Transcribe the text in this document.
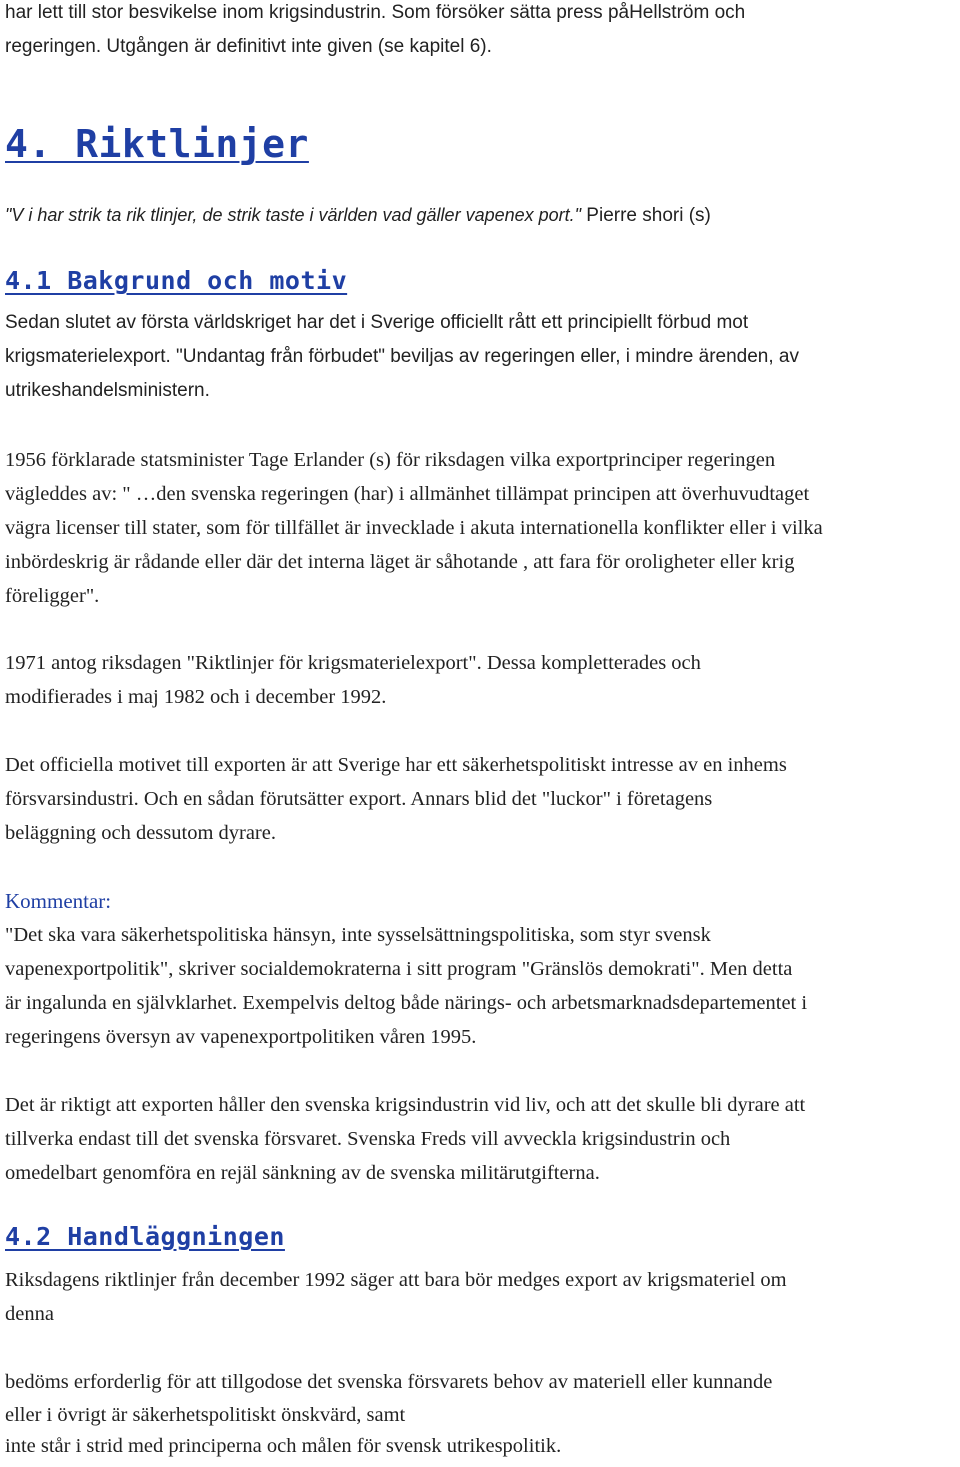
har lett till stor besvikelse inom krigsindustrin. Som försöker sätta press påHellström och
regeringen. Utgången är definitivt inte given (se kapitel 6).
4. Riktlinjer
"V i har strik ta rik tlinjer, de strik taste i världen vad gäller vapenex port." Pierre shori (s)
4.1 Bakgrund och motiv
Sedan slutet av första världskriget har det i Sverige officiellt rått ett principiellt förbud mot
krigsmaterielexport. "Undantag från förbudet" beviljas av regeringen eller, i mindre ärenden, av
utrikeshandelsministern.
1956 förklarade statsminister Tage Erlander (s) för riksdagen vilka exportprinciper regeringen
vägleddes av: " …den svenska regeringen (har) i allmänhet tillämpat principen att överhuvudtaget
vägra licenser till stater, som för tillfället är invecklade i akuta internationella konflikter eller i vilka
inbördeskrig är rådande eller där det interna läget är såhotande , att fara för oroligheter eller krig
föreligger".
1971 antog riksdagen "Riktlinjer för krigsmaterielexport". Dessa kompletterades och
modifierades i maj 1982 och i december 1992.
Det officiella motivet till exporten är att Sverige har ett säkerhetspolitiskt intresse av en inhems
försvarsindustri. Och en sådan förutsätter export. Annars blid det "luckor" i företagens
beläggning och dessutom dyrare.
Kommentar:
"Det ska vara säkerhetspolitiska hänsyn, inte sysselsättningspolitiska, som styr svensk
vapenexportpolitik", skriver socialdemokraterna i sitt program "Gränslös demokrati". Men detta
är ingalunda en självklarhet. Exempelvis deltog både närings- och arbetsmarknadsdepartementet i
regeringens översyn av vapenexportpolitiken våren 1995.
Det är riktigt att exporten håller den svenska krigsindustrin vid liv, och att det skulle bli dyrare att
tillverka endast till det svenska försvaret. Svenska Freds vill avveckla krigsindustrin och
omedelbart genomföra en rejäl sänkning av de svenska militärutgifterna.
4.2 Handläggningen
Riksdagens riktlinjer från december 1992 säger att bara bör medges export av krigsmateriel om
denna
bedöms erforderlig för att tillgodose det svenska försvarets behov av materiell eller kunnande
eller i övrigt är säkerhetspolitiskt önskvärd, samt
inte står i strid med principerna och målen för svensk utrikespolitik.
